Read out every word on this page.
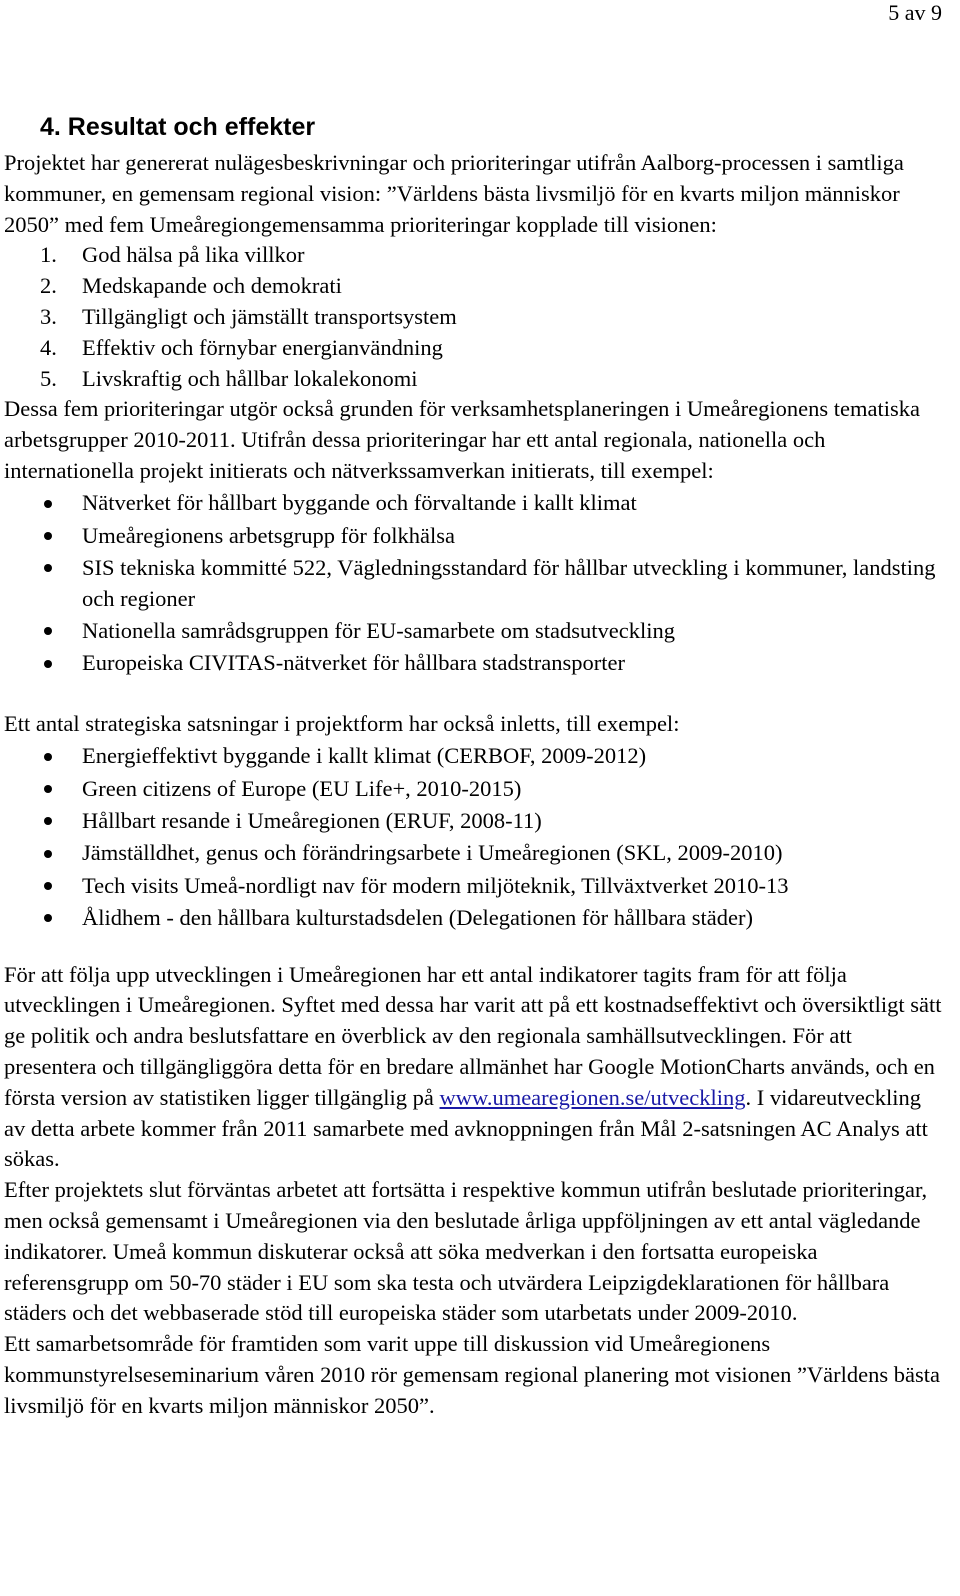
5 av 9
4. Resultat och effekter

Projektet har genererat nulägesbeskrivningar och prioriteringar utifrån Aalborg-processen i samtliga kommuner, en gemensam regional vision: ”Världens bästa livsmiljö för en kvarts miljon människor 2050” med fem Umeåregiongemensamma prioriteringar kopplade till visionen:

1. God hälsa på lika villkor
2. Medskapande och demokrati
3. Tillgängligt och jämställt transportsystem
4. Effektiv och förnybar energianvändning
5. Livskraftig och hållbar lokalekonomi

Dessa fem prioriteringar utgör också grunden för verksamhetsplaneringen i Umeåregionens tematiska arbetsgrupper 2010-2011. Utifrån dessa prioriteringar har ett antal regionala, nationella och internationella projekt initierats och nätverkssamverkan initierats, till exempel:

Nätverket för hållbart byggande och förvaltande i kallt klimat
Umeåregionens arbetsgrupp för folkhälsa
SIS tekniska kommitté 522, Vägledningsstandard för hållbar utveckling i kommuner, landsting och regioner
Nationella samrådsgruppen för EU-samarbete om stadsutveckling
Europeiska CIVITAS-nätverket för hållbara stadstransporter

Ett antal strategiska satsningar i projektform har också inletts, till exempel:

Energieffektivt byggande i kallt klimat (CERBOF, 2009-2012)
Green citizens of Europe (EU Life+, 2010-2015)
Hållbart resande i Umeåregionen (ERUF, 2008-11)
Jämställdhet, genus och förändringsarbete i Umeåregionen (SKL, 2009-2010)
Tech visits Umeå-nordligt nav för modern miljöteknik, Tillväxtverket 2010-13
Ålidhem - den hållbara kulturstadsdelen (Delegationen för hållbara städer)

För att följa upp utvecklingen i Umeåregionen har ett antal indikatorer tagits fram för att följa utvecklingen i Umeåregionen. Syftet med dessa har varit att på ett kostnadseffektivt och översiktligt sätt ge politik och andra beslutsfattare en överblick av den regionala samhällsutvecklingen. För att presentera och tillgängliggöra detta för en bredare allmänhet har Google MotionCharts används, och en första version av statistiken ligger tillgänglig på www.umearegionen.se/utveckling. I vidareutveckling av detta arbete kommer från 2011 samarbete med avknoppningen från Mål 2-satsningen AC Analys att sökas.

Efter projektets slut förväntas arbetet att fortsätta i respektive kommun utifrån beslutade prioriteringar, men också gemensamt i Umeåregionen via den beslutade årliga uppföljningen av ett antal vägledande indikatorer. Umeå kommun diskuterar också att söka medverkan i den fortsatta europeiska referensgrupp om 50-70 städer i EU som ska testa och utvärdera Leipzigdeklarationen för hållbara städers och det webbaserade stöd till europeiska städer som utarbetats under 2009-2010.

Ett samarbetsområde för framtiden som varit uppe till diskussion vid Umeåregionens kommunstyrelseseminarium våren 2010 rör gemensam regional planering mot visionen ”Världens bästa livsmiljö för en kvarts miljon människor 2050”.
